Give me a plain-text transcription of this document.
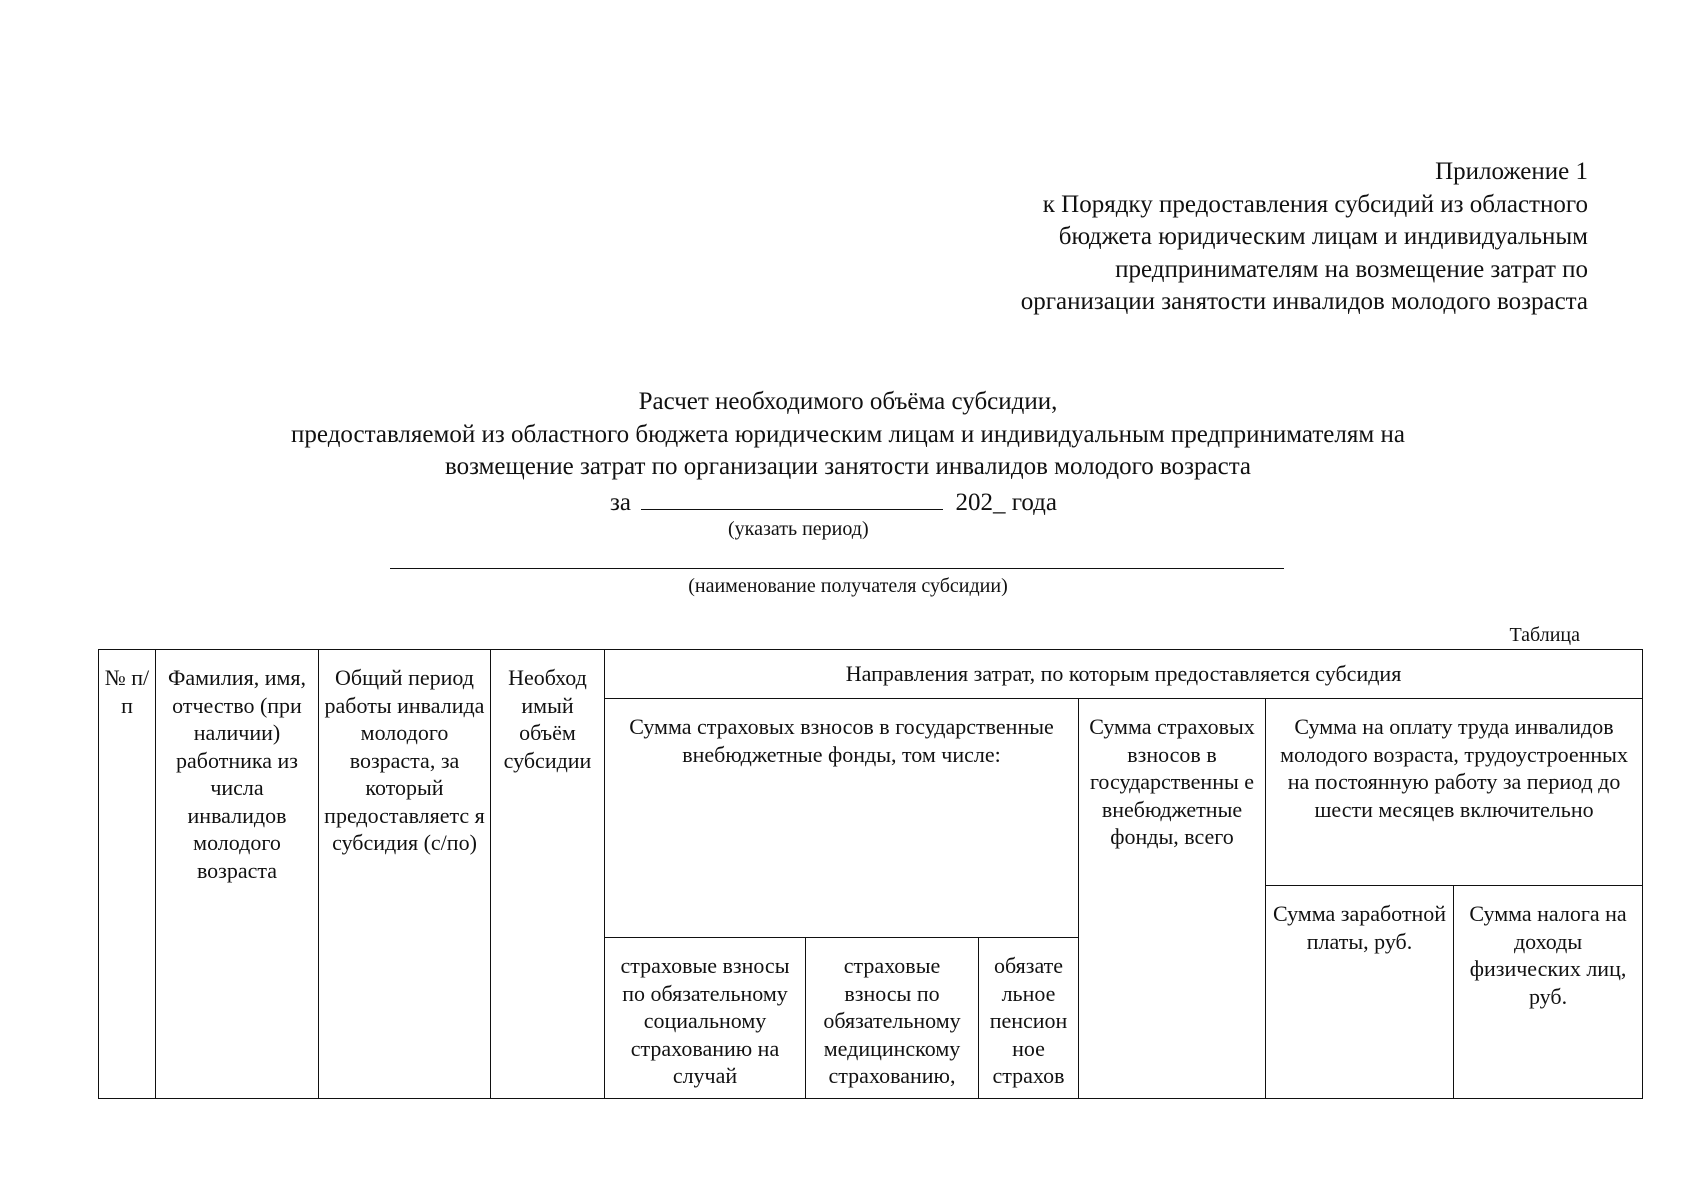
Приложение 1
к Порядку предоставления субсидий из областного
бюджета юридическим лицам и индивидуальным
предпринимателям на возмещение затрат по
организации занятости инвалидов молодого возраста
Расчет необходимого объёма субсидии,
предоставляемой из областного бюджета юридическим лицам и индивидуальным предпринимателям на
возмещение затрат по организации занятости инвалидов молодого возраста
за	202_ года
(указать период)
(наименование получателя субсидии)
Таблица
№ п/п	Фамилия, имя, отчество (при наличии) работника из числа инвалидов молодого возраста	Общий период работы инвалида молодого возраста, за который предоставляетс я субсидия (с/по)	Необход имый объём субсидии	Направления затрат, по которым предоставляется субсидия					
				Сумма страховых взносов в государственные внебюджетные фонды, том числе:			Сумма страховых взносов в государственны е внебюджетные фонды, всего	Сумма на оплату труда инвалидов молодого возраста, трудоустроенных на постоянную работу за период до шести месяцев включительно	
								Сумма заработной платы, руб.	Сумма налога на доходы физических лиц, руб.
				страховые взносы по обязательному социальному страхованию на случай	страховые взносы по обязательному медицинскому страхованию,	обязате льное пенсион ное страхов			
